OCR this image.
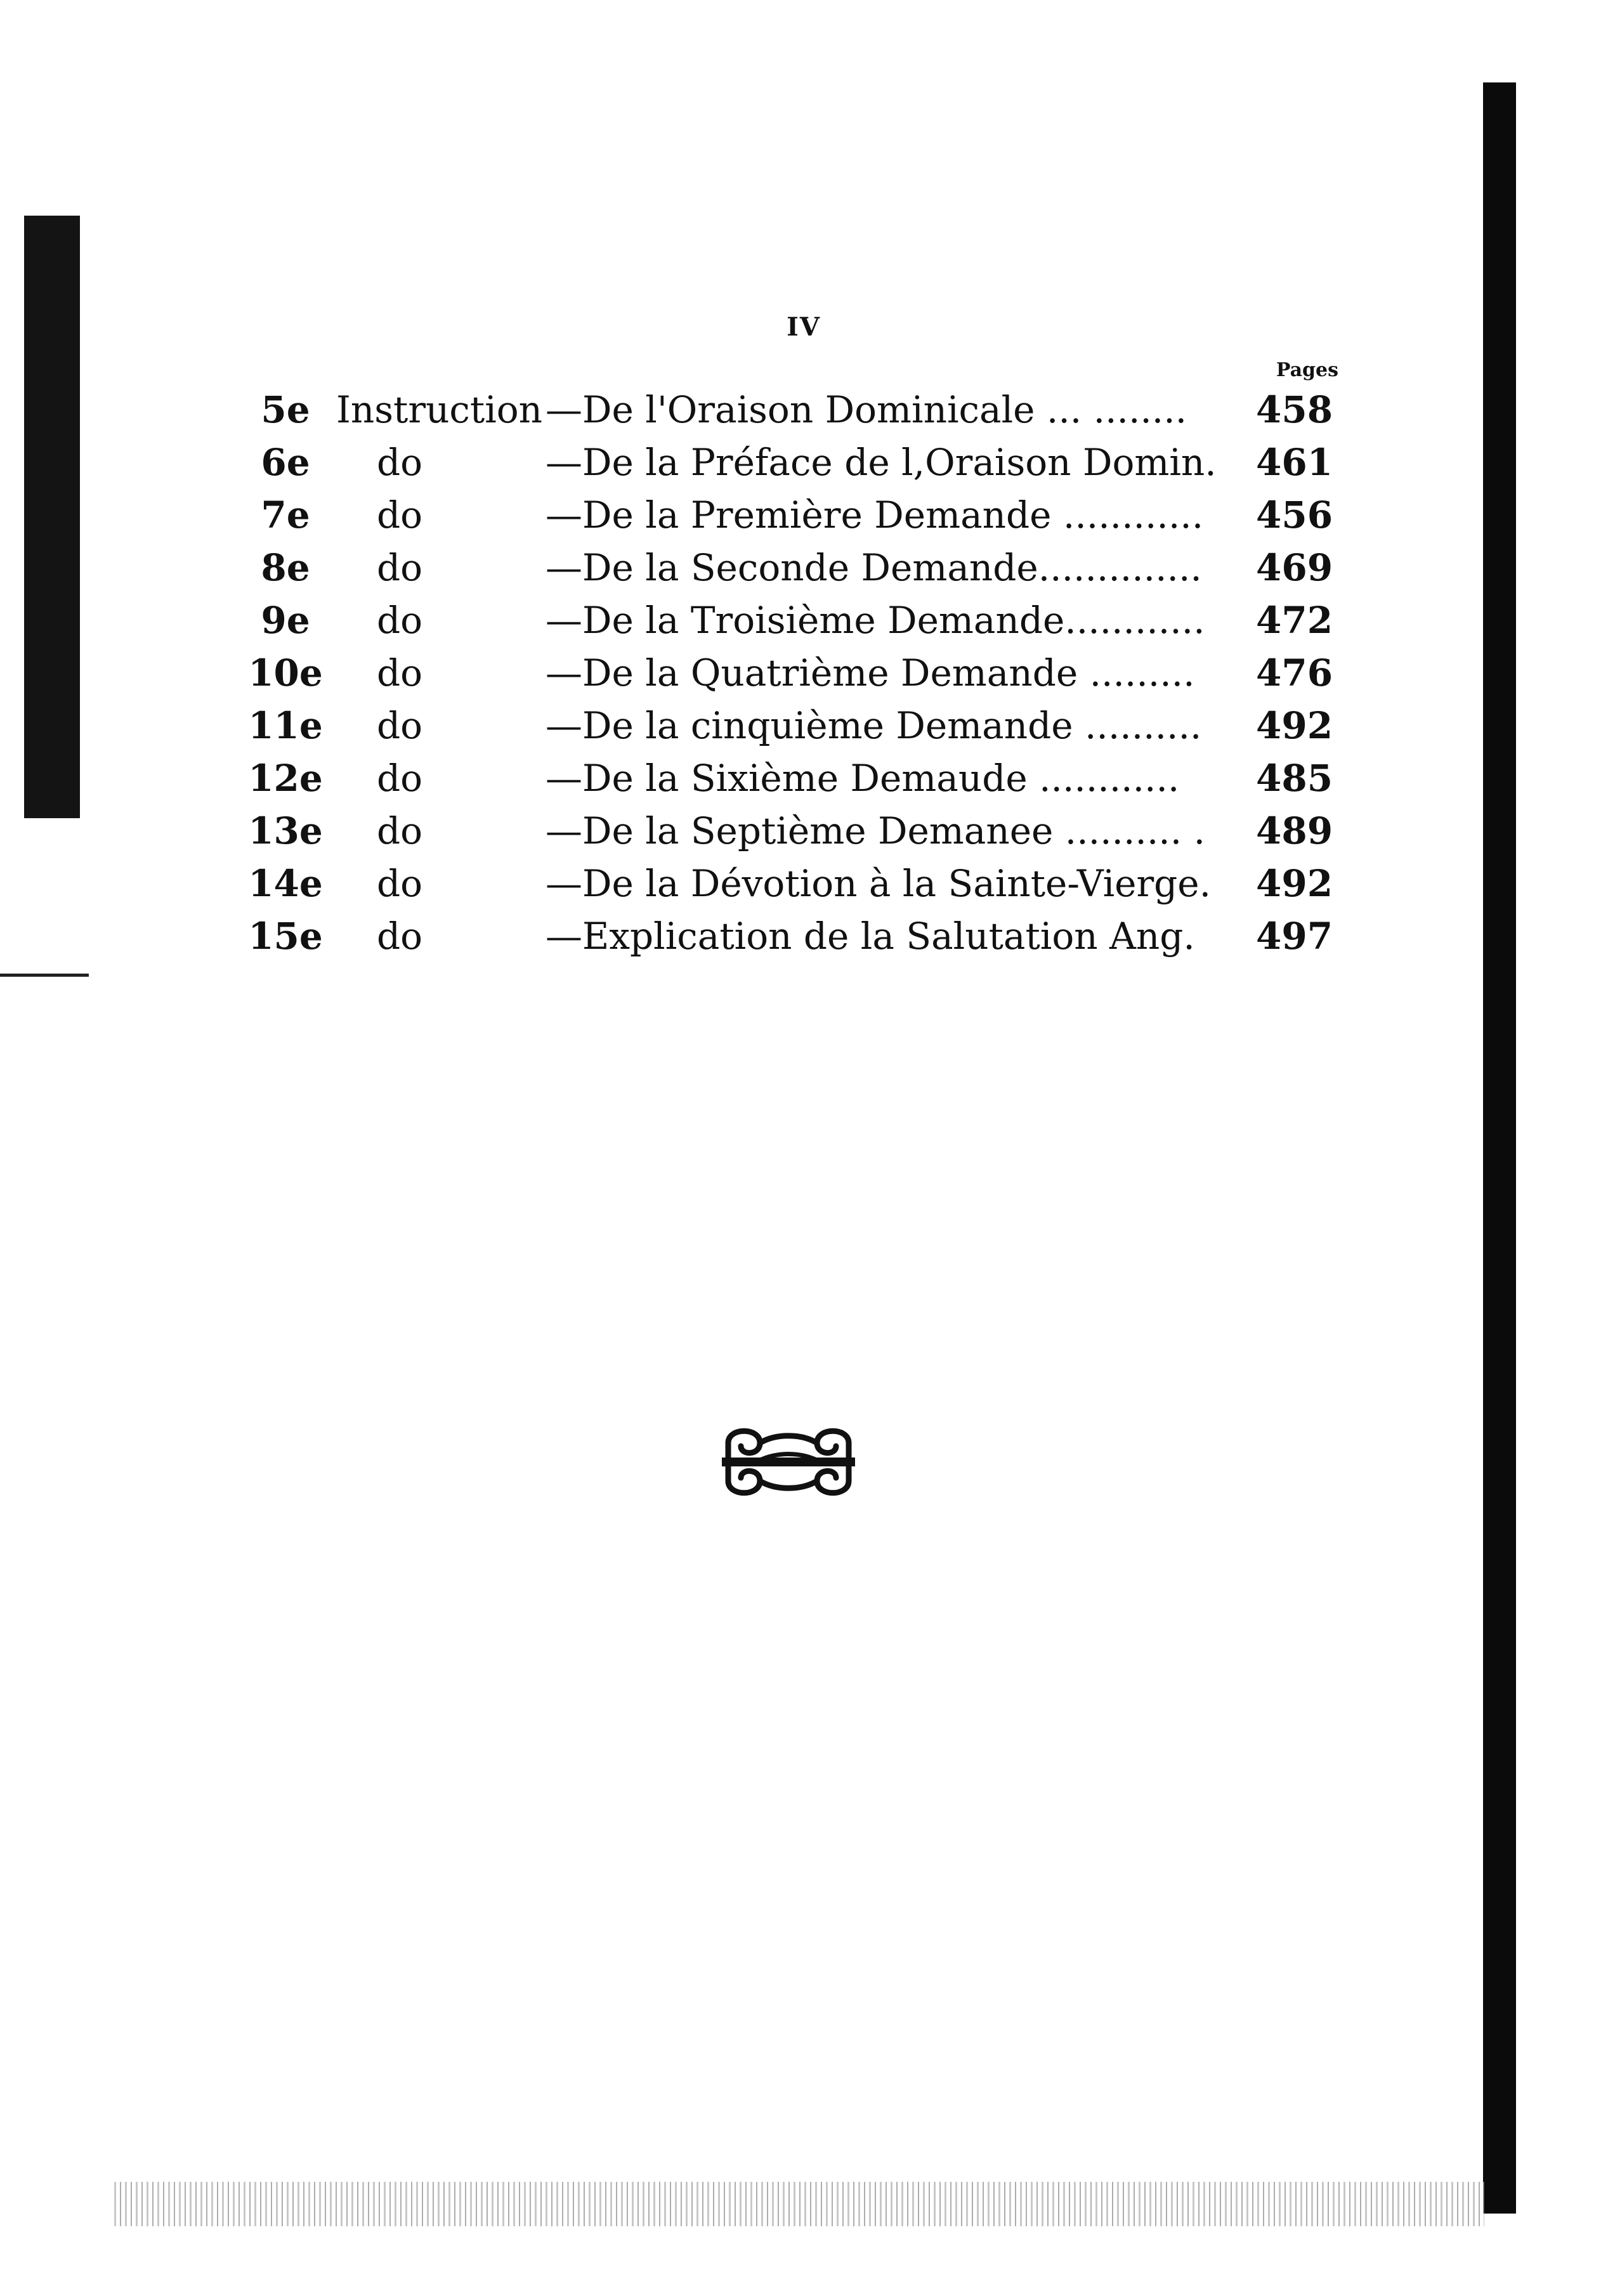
IV
Pages
5e Instruction —De l'Oraison Dominicale ... ........	458
6e	do	—De la Préface de l,Oraison Domin.	461
7e	do	—De la Première Demande ............	456
8e	do	—De la Seconde Demande..............	469
9e	do	—De la Troisième Demande............	472
10e	do	—De la Quatrième Demande .........	476
11e	do	—De la cinquième Demande ..........	492
12e	do	—De la Sixième Demaude ............	485
13e	do	—De la Septième Demanee .......... .	489
14e	do	—De la Dévotion à la Sainte-Vierge.	492
15e	do	—Explication de la Salutation Ang.	497
